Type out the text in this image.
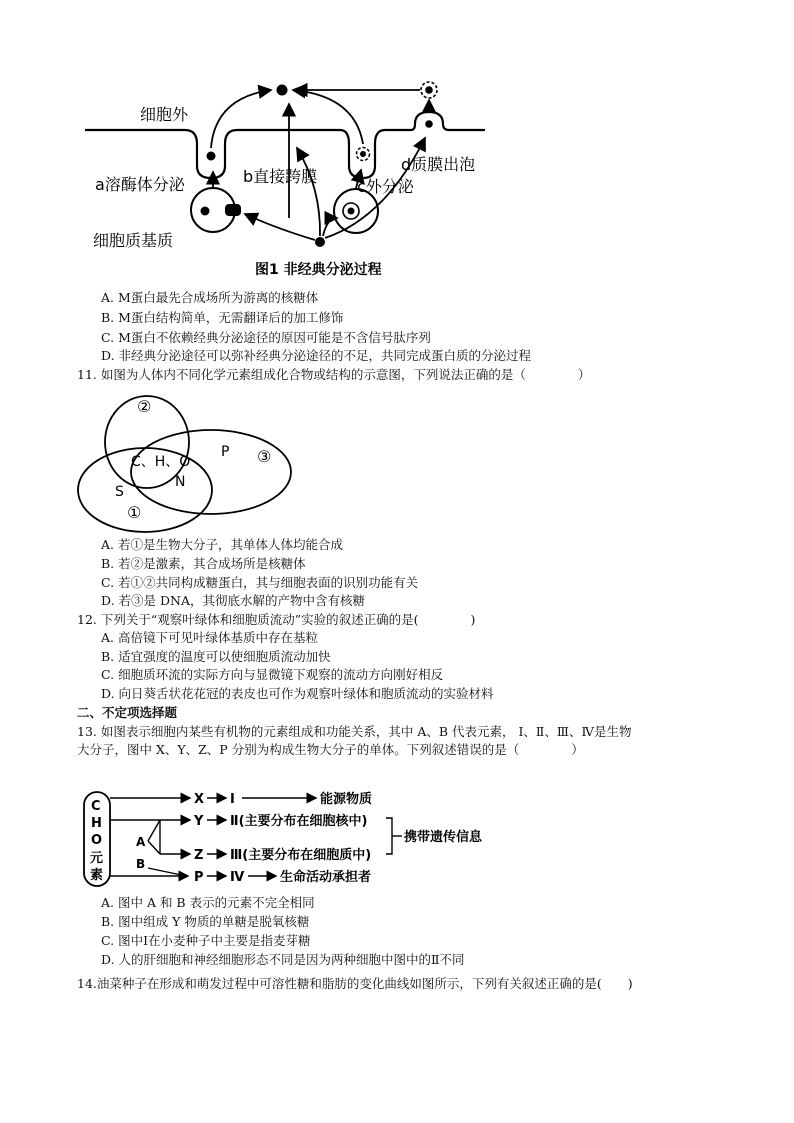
细胞外
a溶酶体分泌	b直接跨膜
c外分泌
d质膜出泡
细胞质基质
图1 非经典分泌过程
A. M蛋白最先合成场所为游离的核糖体
B. M蛋白结构简单，无需翻译后的加工修饰
C. M蛋白不依赖经典分泌途径的原因可能是不含信号肽序列
D. 非经典分泌途径可以弥补经典分泌途径的不足，共同完成蛋白质的分泌过程
11. 如图为人体内不同化学元素组成化合物或结构的示意图，下列说法正确的是（	）
②
C、H、O
N
P ③
S
①
A. 若①是生物大分子，其单体人体均能合成
B. 若②是激素，其合成场所是核糖体
C. 若①②共同构成糖蛋白，其与细胞表面的识别功能有关
D. 若③是 DNA，其彻底水解的产物中含有核糖
12. 下列关于“观察叶绿体和细胞质流动”实验的叙述正确的是(	)
A. 高倍镜下可见叶绿体基质中存在基粒
B. 适宜强度的温度可以使细胞质流动加快
C. 细胞质环流的实际方向与显微镜下观察的流动方向刚好相反
D. 向日葵舌状花花冠的表皮也可作为观察叶绿体和胞质流动的实验材料
二、不定项选择题
13. 如图表示细胞内某些有机物的元素组成和功能关系，其中 A、B 代表元素， Ⅰ、Ⅱ、Ⅲ、Ⅳ是生物
大分子，图中 X、Y、Z、P 分别为构成生物大分子的单体。下列叙述错误的是（	）
C
H
O
元
素
X Ⅰ	能源物质
Y Ⅱ(主要分布在细胞核中)
A
Z Ⅲ(主要分布在细胞质中)
携带遗传信息
B
P Ⅳ	生命活动承担者
A. 图中 A 和 B 表示的元素不完全相同
B. 图中组成 Y 物质的单糖是脱氧核糖
C. 图中Ⅰ在小麦种子中主要是指麦芽糖
D. 人的肝细胞和神经细胞形态不同是因为两种细胞中图中的Ⅱ不同
14.油菜种子在形成和萌发过程中可溶性糖和脂肪的变化曲线如图所示，下列有关叙述正确的是( )
